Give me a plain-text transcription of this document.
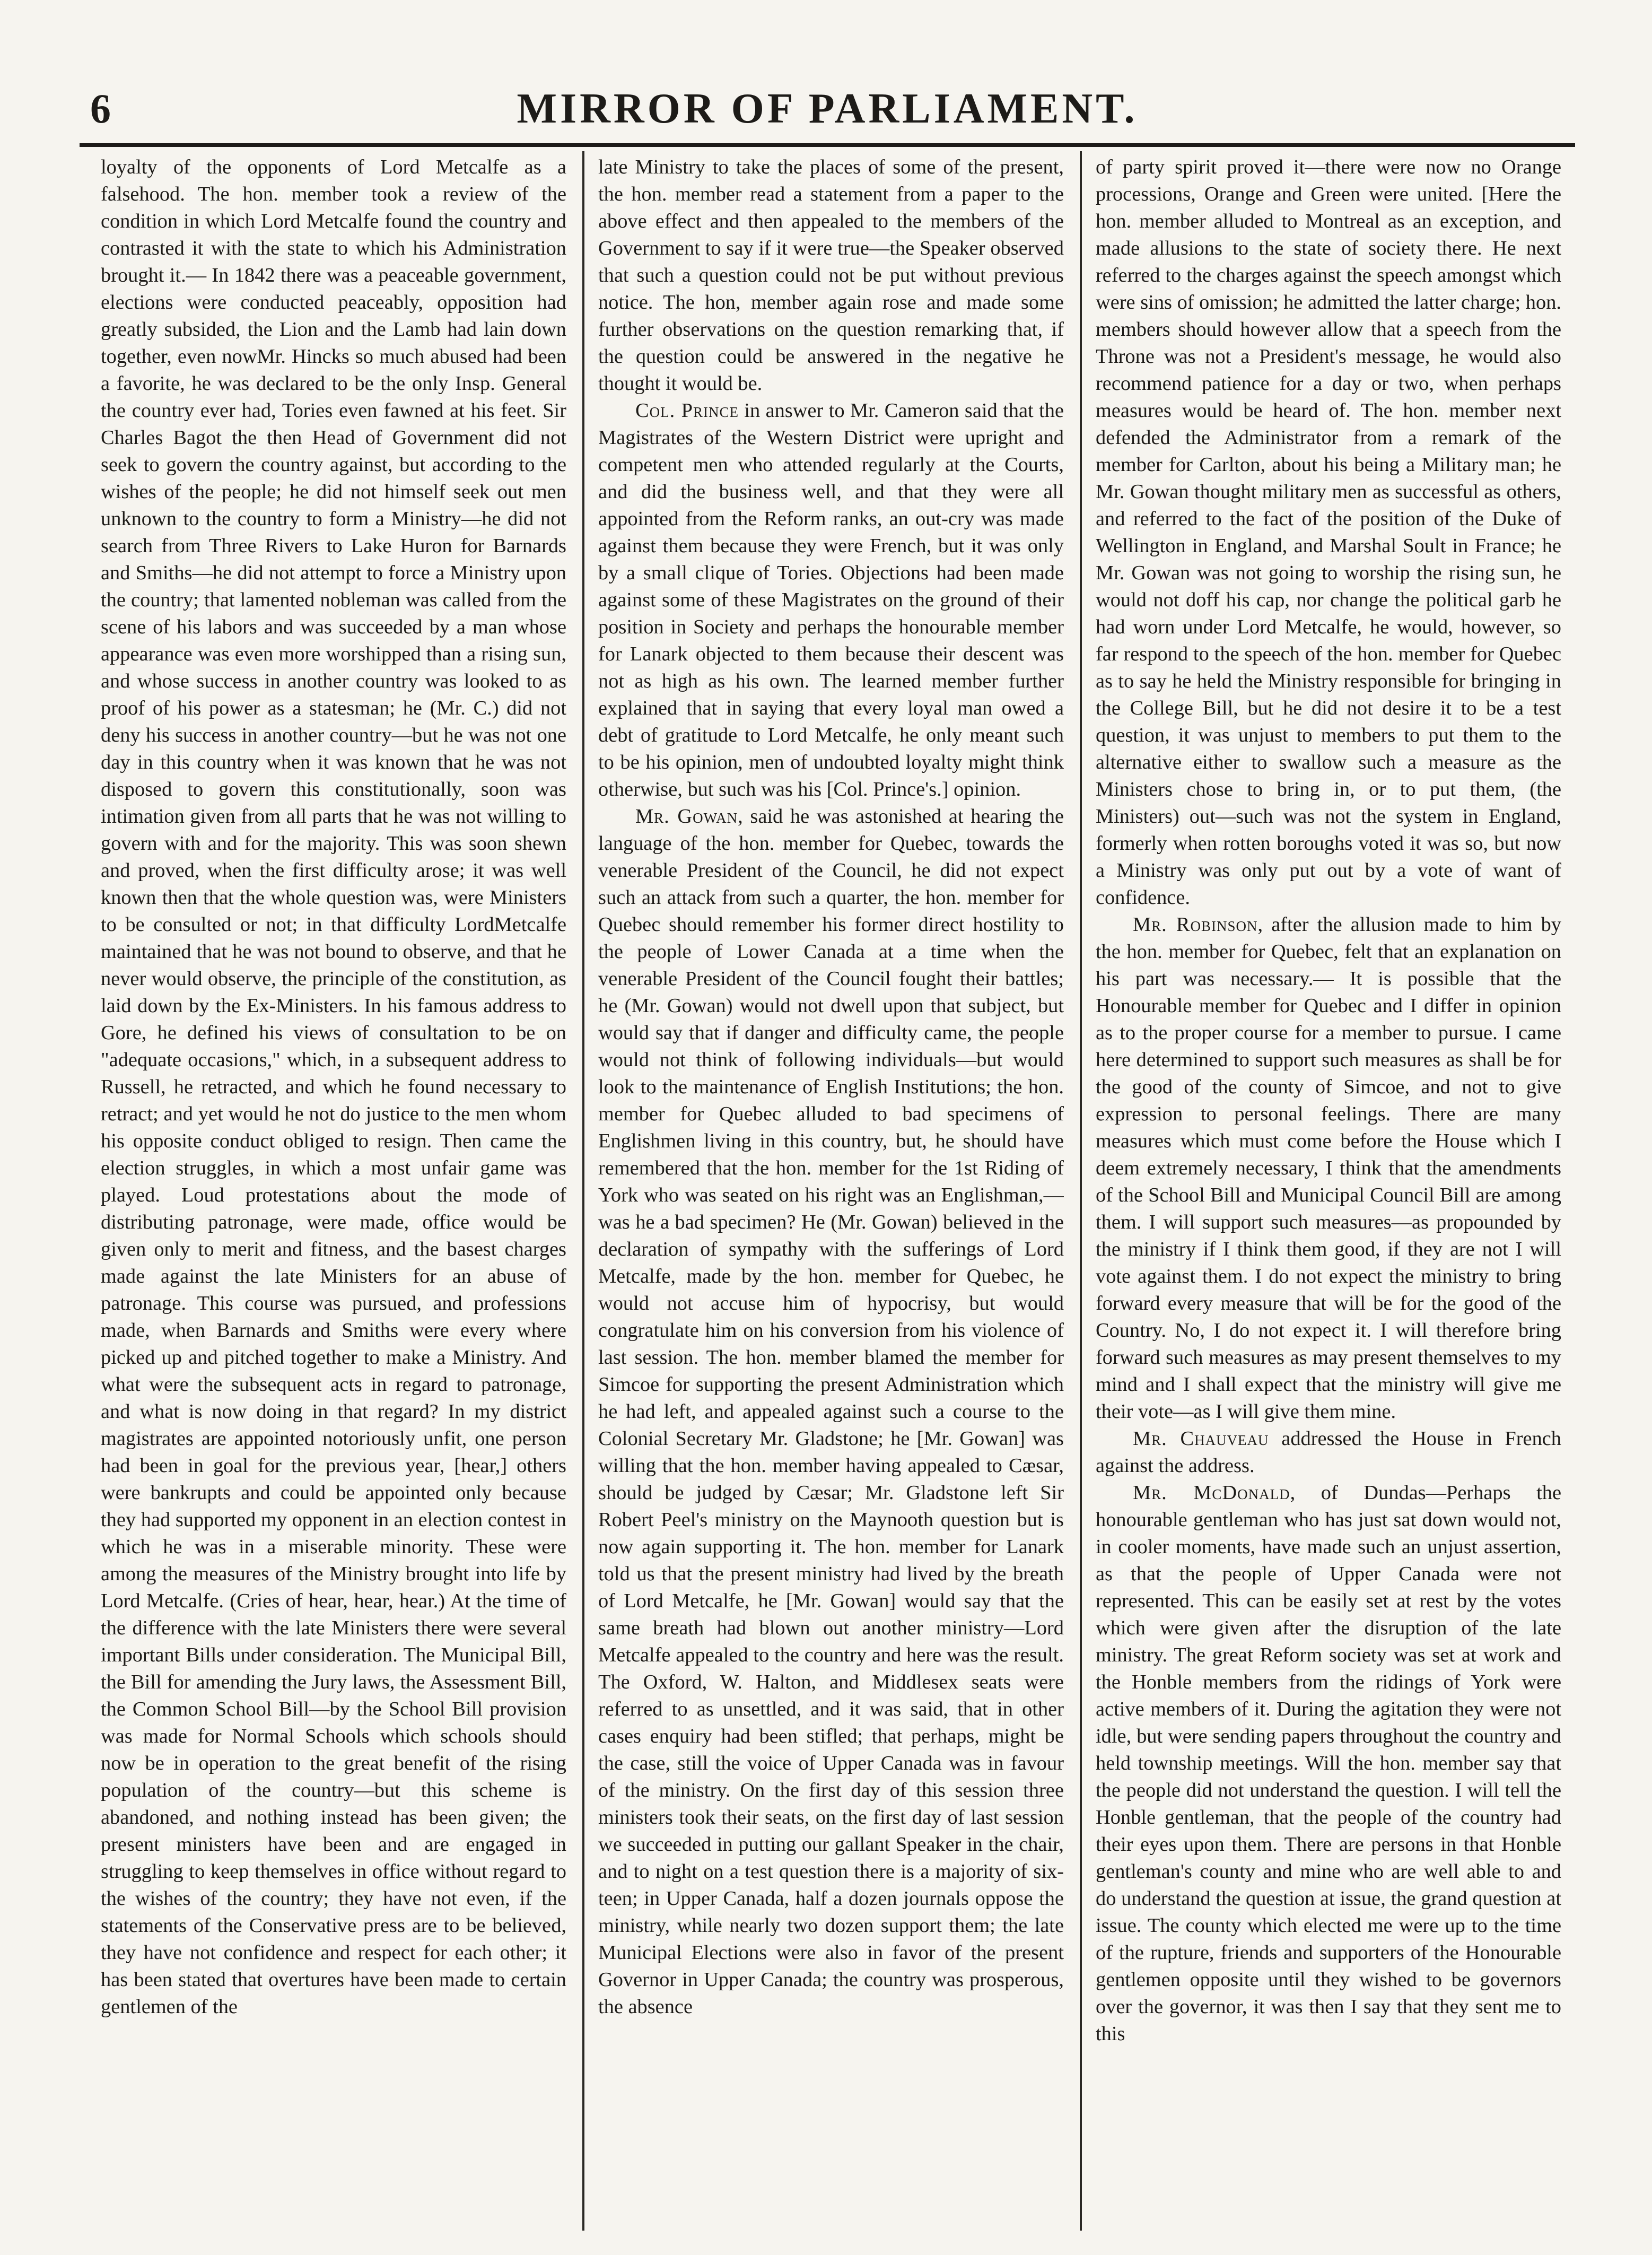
6	MIRROR OF PARLIAMENT.

loyalty of the opponents of Lord Metcalfe as a falsehood. The hon. member took a review of the condition in which Lord Metcalfe found the country and contrasted it with the state to which his Administration brought it.— In 1842 there was a peaceable government, elections were conducted peaceably, opposition had greatly subsided, the Lion and the Lamb had lain down together, even nowMr. Hincks so much abused had been a favorite, he was declared to be the only Insp. General the country ever had, Tories even fawned at his feet. Sir Charles Bagot the then Head of Government did not seek to govern the country against, but according to the wishes of the people; he did not himself seek out men unknown to the country to form a Ministry—he did not search from Three Rivers to Lake Huron for Barnards and Smiths—he did not attempt to force a Ministry upon the country; that lamented nobleman was called from the scene of his labors and was succeeded by a man whose appearance was even more worshipped than a rising sun, and whose success in another country was looked to as proof of his power as a statesman; he (Mr. C.) did not deny his success in another country—but he was not one day in this country when it was known that he was not disposed to govern this constitutionally, soon was intimation given from all parts that he was not willing to govern with and for the majority. This was soon shewn and proved, when the first difficulty arose; it was well known then that the whole question was, were Ministers to be consulted or not; in that difficulty LordMetcalfe maintained that he was not bound to observe, and that he never would observe, the principle of the constitution, as laid down by the Ex-Ministers. In his famous address to Gore, he defined his views of consultation to be on "adequate occasions," which, in a subsequent address to Russell, he retracted, and which he found necessary to retract; and yet would he not do justice to the men whom his opposite conduct obliged to resign. Then came the election struggles, in which a most unfair game was played. Loud protestations about the mode of distributing patronage, were made, office would be given only to merit and fitness, and the basest charges made against the late Ministers for an abuse of patronage. This course was pursued, and professions made, when Barnards and Smiths were every where picked up and pitched together to make a Ministry. And what were the subsequent acts in regard to patronage, and what is now doing in that regard? In my district magistrates are appointed notoriously unfit, one person had been in goal for the previous year, [hear,] others were bankrupts and could be appointed only because they had supported my opponent in an election contest in which he was in a miserable minority. These were among the measures of the Ministry brought into life by Lord Metcalfe. (Cries of hear, hear, hear.) At the time of the difference with the late Ministers there were several important Bills under consideration. The Municipal Bill, the Bill for amending the Jury laws, the Assessment Bill, the Common School Bill—by the School Bill provision was made for Normal Schools which schools should now be in operation to the great benefit of the rising population of the country—but this scheme is abandoned, and nothing instead has been given; the present ministers have been and are engaged in struggling to keep themselves in office without regard to the wishes of the country; they have not even, if the statements of the Conservative press are to be believed, they have not confidence and respect for each other; it has been stated that overtures have been made to certain gentlemen of the

late Ministry to take the places of some of the present, the hon. member read a statement from a paper to the above effect and then appealed to the members of the Government to say if it were true—the Speaker observed that such a question could not be put without previous notice. The hon, member again rose and made some further observations on the question remarking that, if the question could be answered in the negative he thought it would be.

Col. Prince in answer to Mr. Cameron said that the Magistrates of the Western District were upright and competent men who attended regularly at the Courts, and did the business well, and that they were all appointed from the Reform ranks, an out-cry was made against them because they were French, but it was only by a small clique of Tories. Objections had been made against some of these Magistrates on the ground of their position in Society and perhaps the honourable member for Lanark objected to them because their descent was not as high as his own. The learned member further explained that in saying that every loyal man owed a debt of gratitude to Lord Metcalfe, he only meant such to be his opinion, men of undoubted loyalty might think otherwise, but such was his [Col. Prince's.] opinion.

Mr. Gowan, said he was astonished at hearing the language of the hon. member for Quebec, towards the venerable President of the Council, he did not expect such an attack from such a quarter, the hon. member for Quebec should remember his former direct hostility to the people of Lower Canada at a time when the venerable President of the Council fought their battles; he (Mr. Gowan) would not dwell upon that subject, but would say that if danger and difficulty came, the people would not think of following individuals—but would look to the maintenance of English Institutions; the hon. member for Quebec alluded to bad specimens of Englishmen living in this country, but, he should have remembered that the hon. member for the 1st Riding of York who was seated on his right was an Englishman,—was he a bad specimen? He (Mr. Gowan) believed in the declaration of sympathy with the sufferings of Lord Metcalfe, made by the hon. member for Quebec, he would not accuse him of hypocrisy, but would congratulate him on his conversion from his violence of last session. The hon. member blamed the member for Simcoe for supporting the present Administration which he had left, and appealed against such a course to the Colonial Secretary Mr. Gladstone; he [Mr. Gowan] was willing that the hon. member having appealed to Cæsar, should be judged by Cæsar; Mr. Gladstone left Sir Robert Peel's ministry on the Maynooth question but is now again supporting it. The hon. member for Lanark told us that the present ministry had lived by the breath of Lord Metcalfe, he [Mr. Gowan] would say that the same breath had blown out another ministry—Lord Metcalfe appealed to the country and here was the result. The Oxford, W. Halton, and Middlesex seats were referred to as unsettled, and it was said, that in other cases enquiry had been stifled; that perhaps, might be the case, still the voice of Upper Canada was in favour of the ministry. On the first day of this session three ministers took their seats, on the first day of last session we succeeded in putting our gallant Speaker in the chair, and to night on a test question there is a majority of six-teen; in Upper Canada, half a dozen journals oppose the ministry, while nearly two dozen support them; the late Municipal Elections were also in favor of the present Governor in Upper Canada; the country was prosperous, the absence

of party spirit proved it—there were now no Orange processions, Orange and Green were united. [Here the hon. member alluded to Montreal as an exception, and made allusions to the state of society there. He next referred to the charges against the speech amongst which were sins of omission; he admitted the latter charge; hon. members should however allow that a speech from the Throne was not a President's message, he would also recommend patience for a day or two, when perhaps measures would be heard of. The hon. member next defended the Administrator from a remark of the member for Carlton, about his being a Military man; he Mr. Gowan thought military men as successful as others, and referred to the fact of the position of the Duke of Wellington in England, and Marshal Soult in France; he Mr. Gowan was not going to worship the rising sun, he would not doff his cap, nor change the political garb he had worn under Lord Metcalfe, he would, however, so far respond to the speech of the hon. member for Quebec as to say he held the Ministry responsible for bringing in the College Bill, but he did not desire it to be a test question, it was unjust to members to put them to the alternative either to swallow such a measure as the Ministers chose to bring in, or to put them, (the Ministers) out—such was not the system in England, formerly when rotten boroughs voted it was so, but now a Ministry was only put out by a vote of want of confidence.

Mr. Robinson, after the allusion made to him by the hon. member for Quebec, felt that an explanation on his part was necessary.— It is possible that the Honourable member for Quebec and I differ in opinion as to the proper course for a member to pursue. I came here determined to support such measures as shall be for the good of the county of Simcoe, and not to give expression to personal feelings. There are many measures which must come before the House which I deem extremely necessary, I think that the amendments of the School Bill and Municipal Council Bill are among them. I will support such measures—as propounded by the ministry if I think them good, if they are not I will vote against them. I do not expect the ministry to bring forward every measure that will be for the good of the Country. No, I do not expect it. I will therefore bring forward such measures as may present themselves to my mind and I shall expect that the ministry will give me their vote—as I will give them mine.

Mr. Chauveau addressed the House in French against the address.

Mr. McDonald, of Dundas—Perhaps the honourable gentleman who has just sat down would not, in cooler moments, have made such an unjust assertion, as that the people of Upper Canada were not represented. This can be easily set at rest by the votes which were given after the disruption of the late ministry. The great Reform society was set at work and the Honble members from the ridings of York were active members of it. During the agitation they were not idle, but were sending papers throughout the country and held township meetings. Will the hon. member say that the people did not understand the question. I will tell the Honble gentleman, that the people of the country had their eyes upon them. There are persons in that Honble gentleman's county and mine who are well able to and do understand the question at issue, the grand question at issue. The county which elected me were up to the time of the rupture, friends and supporters of the Honourable gentlemen opposite until they wished to be governors over the governor, it was then I say that they sent me to this
